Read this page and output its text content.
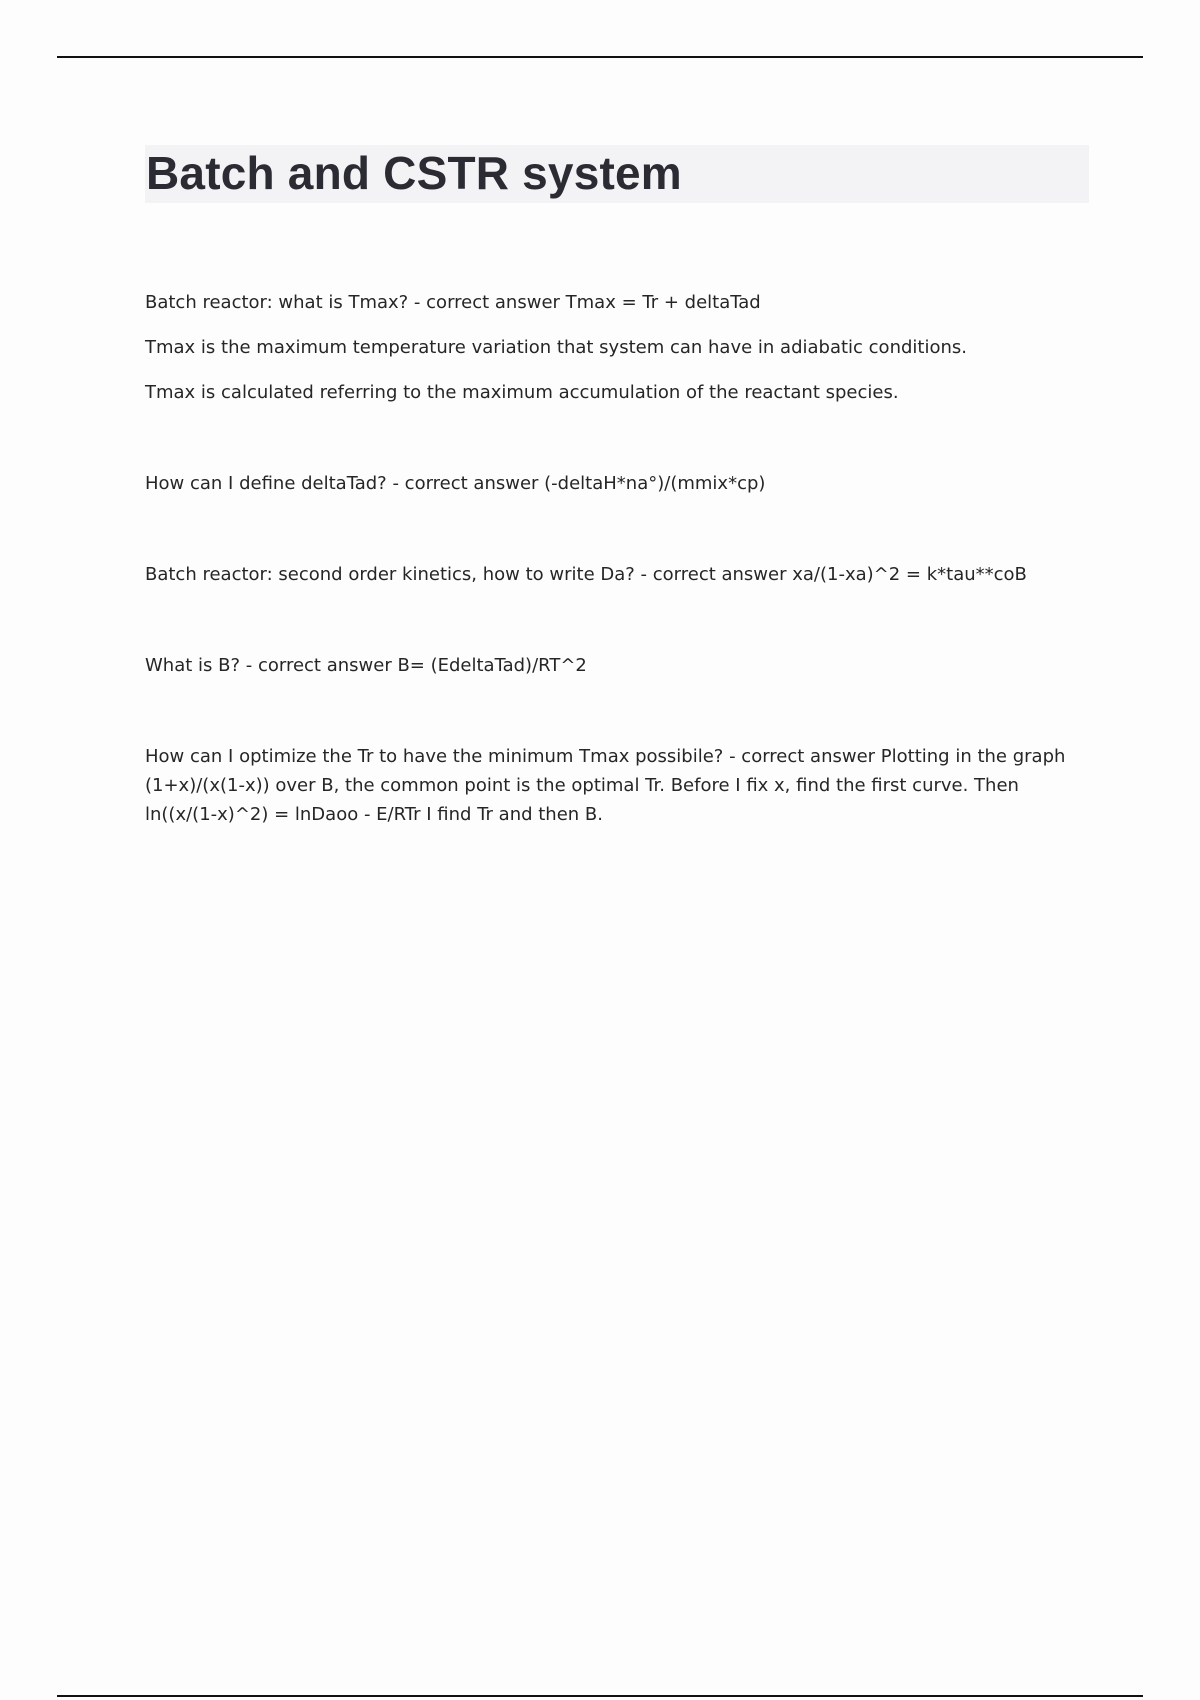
Batch and CSTR system

Batch reactor: what is Tmax? - correct answer Tmax = Tr + deltaTad

Tmax is the maximum temperature variation that system can have in adiabatic conditions.

Tmax is calculated referring to the maximum accumulation of the reactant species.

How can I define deltaTad? - correct answer (-deltaH*na°)/(mmix*cp)

Batch reactor: second order kinetics, how to write Da? - correct answer xa/(1-xa)^2 = k*tau**coB

What is B? - correct answer B= (EdeltaTad)/RT^2

How can I optimize the Tr to have the minimum Tmax possibile? - correct answer Plotting in the graph (1+x)/(x(1-x)) over B, the common point is the optimal Tr. Before I fix x, find the first curve. Then ln((x/(1-x)^2) = lnDaoo - E/RTr I find Tr and then B.
